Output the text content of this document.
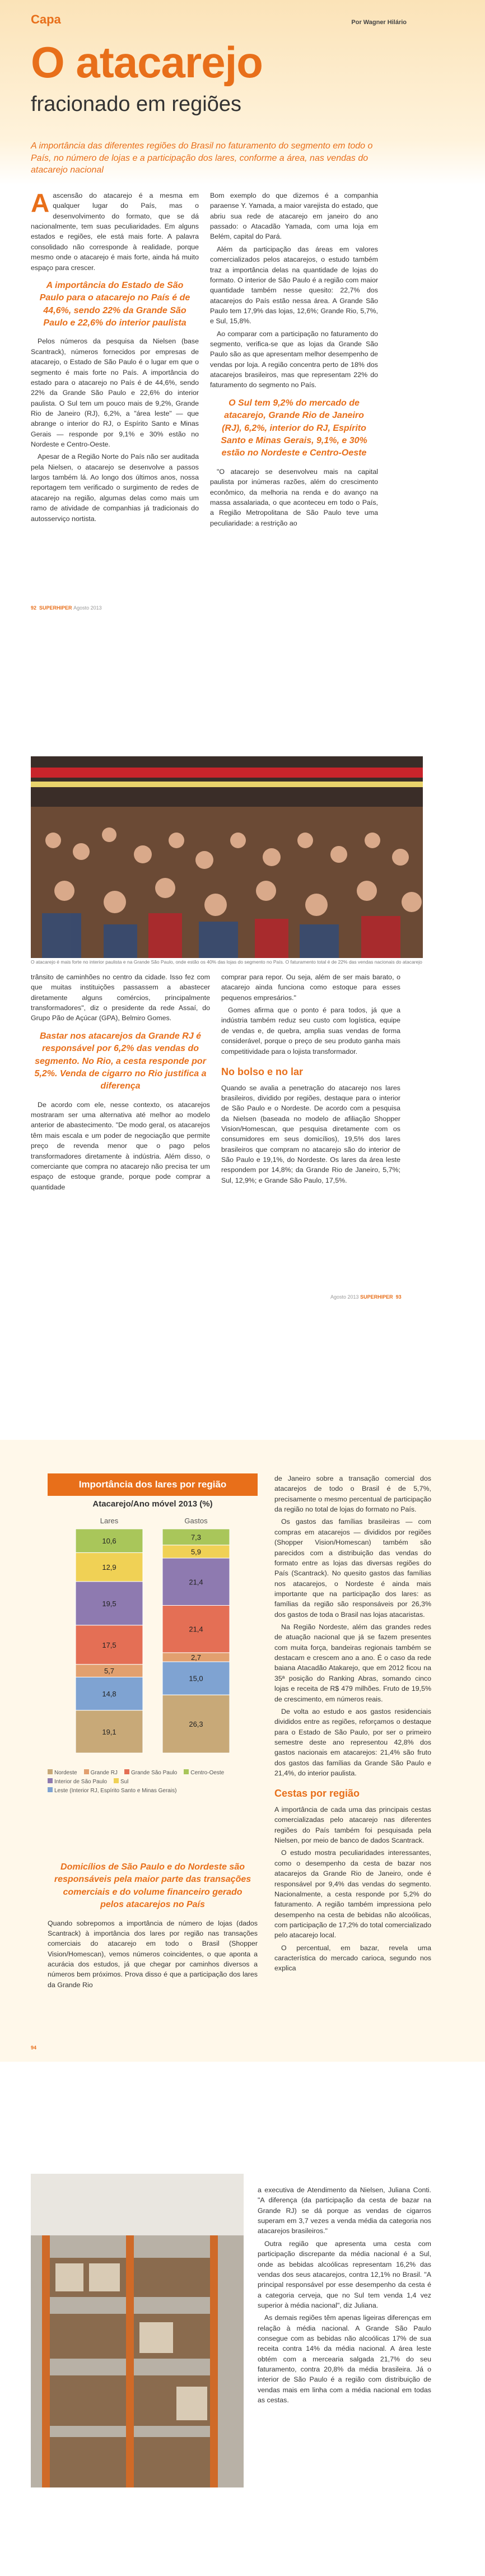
Capa	Por Wagner Hilário
O atacarejo
fracionado em regiões
A importância das diferentes regiões do Brasil no faturamento do segmento em todo o País, no número de lojas e a participação dos lares, conforme a área, nas vendas do atacarejo nacional

Aascensão do atacarejo é a mesma em qualquer lugar do País, mas o desenvolvimento do formato, que se dá nacionalmente, tem suas peculiaridades. Em alguns estados e regiões, ele está mais forte. A palavra consolidado não corresponde à realidade, porque mesmo onde o atacarejo é mais forte, ainda há muito espaço para crescer.

A importância do Estado de São Paulo para o atacarejo no País é de 44,6%, sendo 22% da Grande São Paulo e 22,6% do interior paulista

Pelos números da pesquisa da Nielsen (base Scantrack), números fornecidos por empresas de atacarejo, o Estado de São Paulo é o lugar em que o segmento é mais forte no País. A importância do estado para o atacarejo no País é de 44,6%, sendo 22% da Grande São Paulo e 22,6% do interior paulista. O Sul tem um pouco mais de 9,2%, Grande Rio de Janeiro (RJ), 6,2%, a "área leste" — que abrange o interior do RJ, o Espírito Santo e Minas Gerais — responde por 9,1% e 30% estão no Nordeste e Centro-Oeste.

Apesar de a Região Norte do País não ser auditada pela Nielsen, o atacarejo se desenvolve a passos largos também lá. Ao longo dos últimos anos, nossa reportagem tem verificado o surgimento de redes de atacarejo na região, algumas delas como mais um ramo de atividade de companhias já tradicionais do autosserviço nortista.

Bom exemplo do que dizemos é a companhia paraense Y. Yamada, a maior varejista do estado, que abriu sua rede de atacarejo em janeiro do ano passado: o Atacadão Yamada, com uma loja em Belém, capital do Pará.

Além da participação das áreas em valores comercializados pelos atacarejos, o estudo também traz a importância delas na quantidade de lojas do formato. O interior de São Paulo é a região com maior quantidade também nesse quesito: 22,7% dos atacarejos do País estão nessa área. A Grande São Paulo tem 17,9% das lojas, 12,6%; Grande Rio, 5,7%, e Sul, 15,8%.

Ao comparar com a participação no faturamento do segmento, verifica-se que as lojas da Grande São Paulo são as que apresentam melhor desempenho de vendas por loja. A região concentra perto de 18% dos atacarejos brasileiros, mas que representam 22% do faturamento do segmento no País.

O Sul tem 9,2% do mercado de atacarejo, Grande Rio de Janeiro (RJ), 6,2%, interior do RJ, Espírito Santo e Minas Gerais, 9,1%, e 30% estão no Nordeste e Centro-Oeste

"O atacarejo se desenvolveu mais na capital paulista por inúmeras razões, além do crescimento econômico, da melhoria na renda e do avanço na massa assalariada, o que aconteceu em todo o País, a Região Metropolitana de São Paulo teve uma peculiaridade: a restrição ao

92 SUPERHIPER Agosto 2013
O atacarejo é mais forte no interior paulista e na Grande São Paulo, onde estão os 40% das lojas do segmento no País. O faturamento total é de 22% das vendas nacionais do atacarejo

trânsito de caminhões no centro da cidade. Isso fez com que muitas instituições passassem a abastecer diretamente alguns comércios, principalmente transformadores", diz o presidente da rede Assaí, do Grupo Pão de Açúcar (GPA), Belmiro Gomes.

Bastar nos atacarejos da Grande RJ é responsável por 6,2% das vendas do segmento. No Rio, a cesta responde por 5,2%. Venda de cigarro no Rio justifica a diferença

De acordo com ele, nesse contexto, os atacarejos mostraram ser uma alternativa até melhor ao modelo anterior de abastecimento. "De modo geral, os atacarejos têm mais escala e um poder de negociação que permite preço de revenda menor que o pago pelos transformadores diretamente à indústria. Além disso, o comerciante que compra no atacarejo não precisa ter um espaço de estoque grande, porque pode comprar a quantidade

comprar para repor. Ou seja, além de ser mais barato, o atacarejo ainda funciona como estoque para esses pequenos empresários."

Gomes afirma que o ponto é para todos, já que a indústria também reduz seu custo com logística, equipe de vendas e, de quebra, amplia suas vendas de forma considerável, porque o preço de seu produto ganha mais competitividade para o lojista transformador.

No bolso e no lar

Quando se avalia a penetração do atacarejo nos lares brasileiros, dividido por regiões, destaque para o interior de São Paulo e o Nordeste. De acordo com a pesquisa da Nielsen (baseada no modelo de afiliação Shopper Vision/Homescan, que pesquisa diretamente com os consumidores em seus domicílios), 19,5% dos lares brasileiros que compram no atacarejo são do interior de São Paulo e 19,1%, do Nordeste. Os lares da área leste respondem por 14,8%; da Grande Rio de Janeiro, 5,7%; Sul, 12,9%; e Grande São Paulo, 17,5%.

Agosto 2013 SUPERHIPER 93
Importância dos lares por região
Atacarejo/Ano móvel 2013 (%)
Lares
19,1
14,8
5,7
17,5
19,5
12,9
10,6
Gastos
26,3
15,0
2,7
21,4
21,4
5,9
7,3
Nordeste	Grande RJ	Grande São Paulo	Centro-Oeste
Interior de São Paulo	Sul
Leste (Interior RJ, Espírito Santo e Minas Gerais)
Domicílios de São Paulo e do Nordeste são responsáveis pela maior parte das transações comerciais e do volume financeiro gerado pelos atacarejos no País

Quando sobrepomos a importância de número de lojas (dados Scantrack) à importância dos lares por região nas transações comerciais do atacarejo em todo o Brasil (Shopper Vision/Homescan), vemos números coincidentes, o que aponta a acurácia dos estudos, já que chegar por caminhos diversos a números bem próximos. Prova disso é que a participação dos lares da Grande Rio

de Janeiro sobre a transação comercial dos atacarejos de todo o Brasil é de 5,7%, precisamente o mesmo percentual de participação da região no total de lojas do formato no País.

Os gastos das famílias brasileiras — com compras em atacarejos — divididos por regiões (Shopper Vision/Homescan) também são parecidos com a distribuição das vendas do formato entre as lojas das diversas regiões do País (Scantrack). No quesito gastos das famílias nos atacarejos, o Nordeste é ainda mais importante que na participação dos lares: as famílias da região são responsáveis por 26,3% dos gastos de toda o Brasil nas lojas atacaristas.

Na Região Nordeste, além das grandes redes de atuação nacional que já se fazem presentes com muita força, bandeiras regionais também se destacam e crescem ano a ano. É o caso da rede baiana Atacadão Atakarejo, que em 2012 ficou na 35ª posição do Ranking Abras, somando cinco lojas e receita de R$ 479 milhões. Fruto de 19,5% de crescimento, em números reais.

De volta ao estudo e aos gastos residenciais divididos entre as regiões, reforçamos o destaque para o Estado de São Paulo, por ser o primeiro semestre deste ano representou 42,8% dos gastos nacionais em atacarejos: 21,4% são fruto dos gastos das famílias da Grande São Paulo e 21,4%, do interior paulista.

Cestas por região

A importância de cada uma das principais cestas comercializadas pelo atacarejo nas diferentes regiões do País também foi pesquisada pela Nielsen, por meio de banco de dados Scantrack.

O estudo mostra peculiaridades interessantes, como o desempenho da cesta de bazar nos atacarejos da Grande Rio de Janeiro, onde é responsável por 9,4% das vendas do segmento. Nacionalmente, a cesta responde por 5,2% do faturamento. A região também impressiona pelo desempenho na cesta de bebidas não alcoólicas, com participação de 17,2% do total comercializado pelo atacarejo local.

O percentual, em bazar, revela uma característica do mercado carioca, segundo nos explica

94

a executiva de Atendimento da Nielsen, Juliana Conti. "A diferença (da participação da cesta de bazar na Grande RJ) se dá porque as vendas de cigarros superam em 3,7 vezes a venda média da categoria nos atacarejos brasileiros."

Outra região que apresenta uma cesta com participação discrepante da média nacional é a Sul, onde as bebidas alcoólicas representam 16,2% das vendas dos seus atacarejos, contra 12,1% no Brasil. "A principal responsável por esse desempenho da cesta é a categoria cerveja, que no Sul tem venda 1,4 vez superior à média nacional", diz Juliana.

As demais regiões têm apenas ligeiras diferenças em relação à média nacional. A Grande São Paulo consegue com as bebidas não alcoólicas 17% de sua receita contra 14% da média nacional. A área leste obtém com a mercearia salgada 21,7% do seu faturamento, contra 20,8% da média brasileira. Já o interior de São Paulo é a região com distribuição de vendas mais em linha com a média nacional em todas as cestas.
